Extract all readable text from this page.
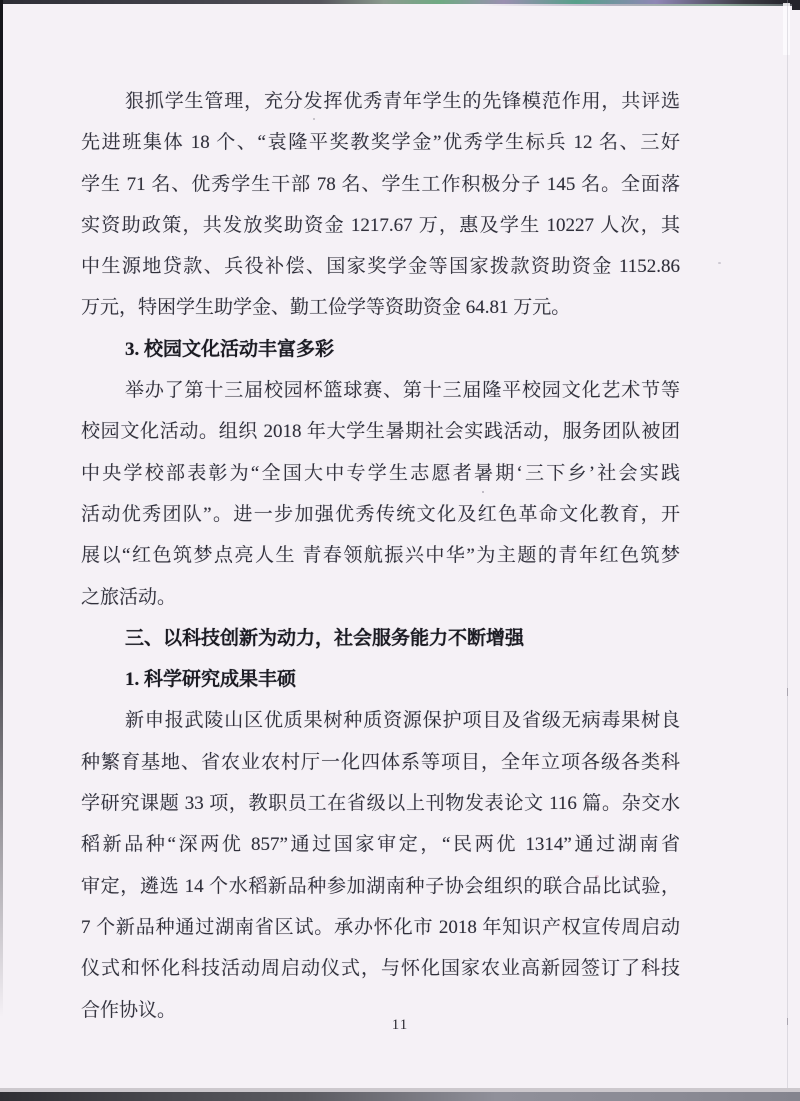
狠抓学生管理，充分发挥优秀青年学生的先锋模范作用，共评选
先进班集体 18 个、“袁隆平奖教奖学金”优秀学生标兵 12 名、三好
学生 71 名、优秀学生干部 78 名、学生工作积极分子 145 名。全面落
实资助政策，共发放奖助资金 1217.67 万，惠及学生 10227 人次，其
中生源地贷款、兵役补偿、国家奖学金等国家拨款资助资金 1152.86
万元，特困学生助学金、勤工俭学等资助资金 64.81 万元。
3. 校园文化活动丰富多彩
举办了第十三届校园杯篮球赛、第十三届隆平校园文化艺术节等
校园文化活动。组织 2018 年大学生暑期社会实践活动，服务团队被团
中央学校部表彰为“全国大中专学生志愿者暑期‘三下乡’社会实践
活动优秀团队”。进一步加强优秀传统文化及红色革命文化教育，开
展以“红色筑梦点亮人生 青春领航振兴中华”为主题的青年红色筑梦
之旅活动。
三、以科技创新为动力，社会服务能力不断增强
1. 科学研究成果丰硕
新申报武陵山区优质果树种质资源保护项目及省级无病毒果树良
种繁育基地、省农业农村厅一化四体系等项目，全年立项各级各类科
学研究课题 33 项，教职员工在省级以上刊物发表论文 116 篇。杂交水
稻新品种“深两优 857”通过国家审定，“民两优 1314”通过湖南省
审定，遴选 14 个水稻新品种参加湖南种子协会组织的联合品比试验，
7 个新品种通过湖南省区试。承办怀化市 2018 年知识产权宣传周启动
仪式和怀化科技活动周启动仪式，与怀化国家农业高新园签订了科技
合作协议。
11
